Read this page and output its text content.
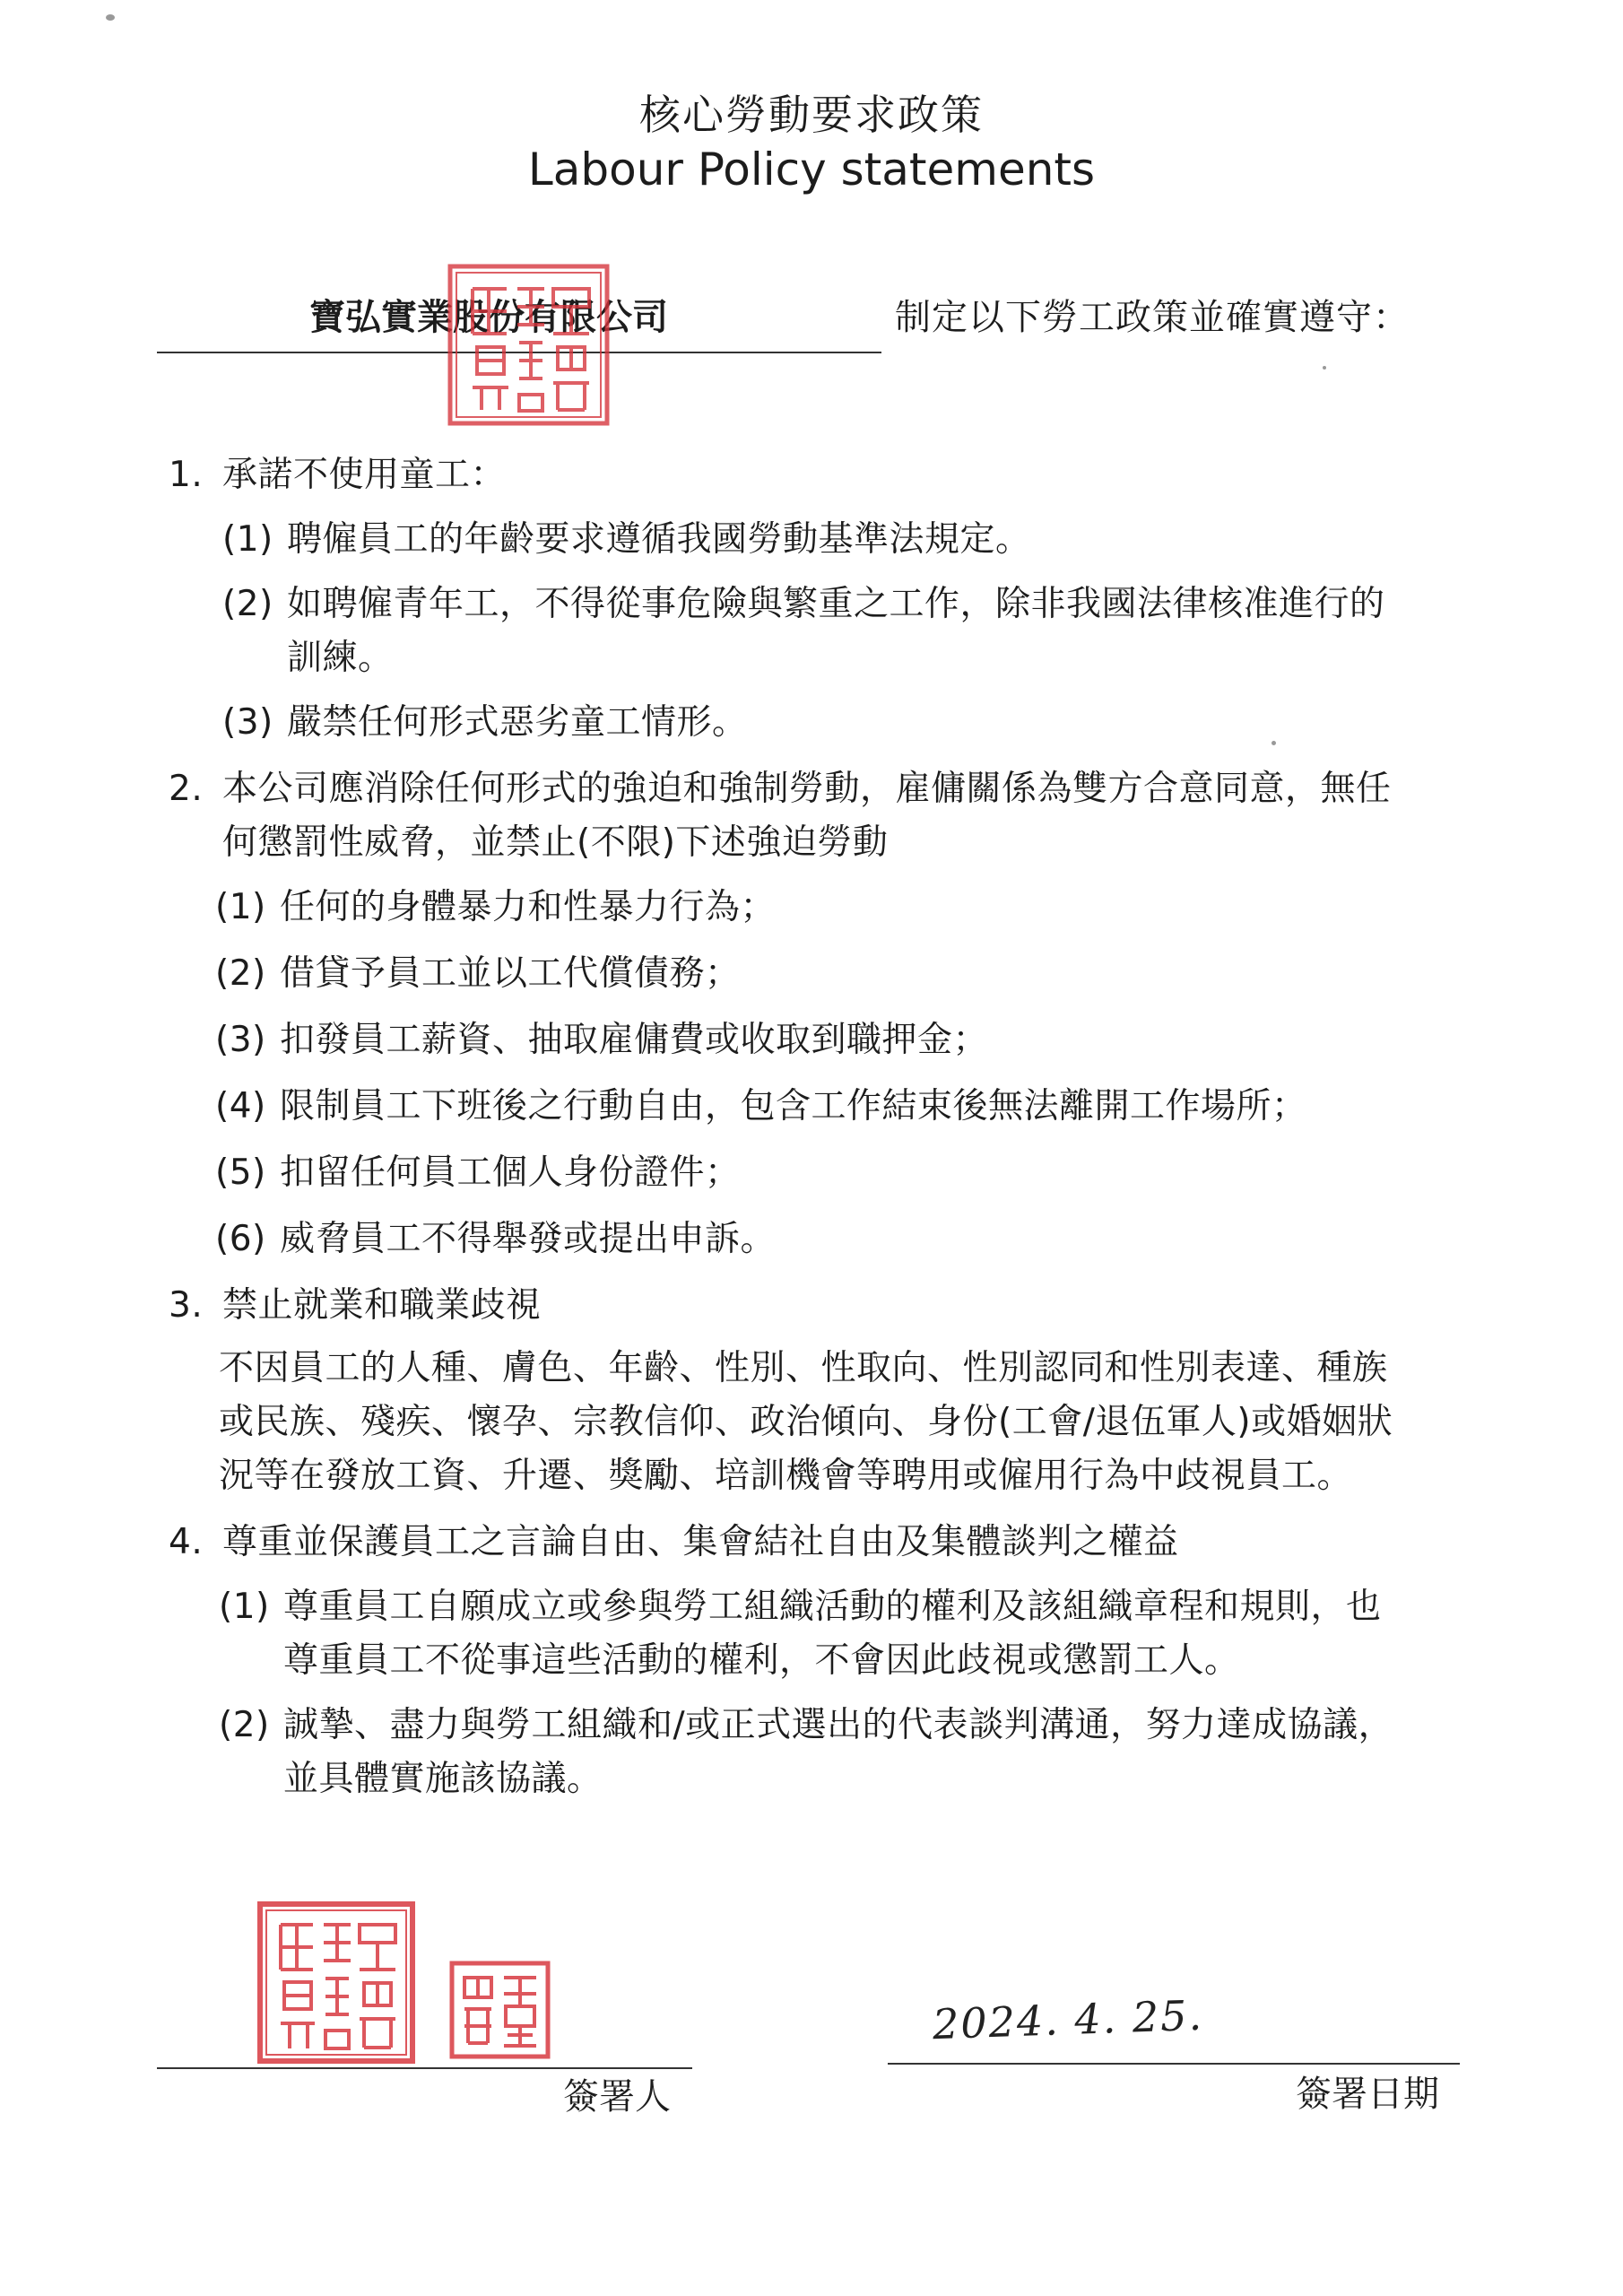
核心勞動要求政策
Labour Policy statements
寶弘實業股份有限公司	制定以下勞工政策並確實遵守：
1. 承諾不使用童工：
(1) 聘僱員工的年齡要求遵循我國勞動基準法規定。
(2) 如聘僱青年工，不得從事危險與繁重之工作，除非我國法律核准進行的
訓練。
(3) 嚴禁任何形式惡劣童工情形。
2. 本公司應消除任何形式的強迫和強制勞動，雇傭關係為雙方合意同意，無任
何懲罰性威脅，並禁止(不限)下述強迫勞動
(1) 任何的身體暴力和性暴力行為；
(2) 借貸予員工並以工代償債務；
(3) 扣發員工薪資、抽取雇傭費或收取到職押金；
(4) 限制員工下班後之行動自由，包含工作結束後無法離開工作場所；
(5) 扣留任何員工個人身份證件；
(6) 威脅員工不得舉發或提出申訴。
3. 禁止就業和職業歧視
不因員工的人種、膚色、年齡、性別、性取向、性別認同和性別表達、種族
或民族、殘疾、懷孕、宗教信仰、政治傾向、身份(工會/退伍軍人)或婚姻狀
況等在發放工資、升遷、獎勵、培訓機會等聘用或僱用行為中歧視員工。
4. 尊重並保護員工之言論自由、集會結社自由及集體談判之權益
(1) 尊重員工自願成立或參與勞工組織活動的權利及該組織章程和規則，也
尊重員工不從事這些活動的權利，不會因此歧視或懲罰工人。
(2) 誠摯、盡力與勞工組織和/或正式選出的代表談判溝通，努力達成協議，
並具體實施該協議。
簽署人
2024. 4. 25.
簽署日期
